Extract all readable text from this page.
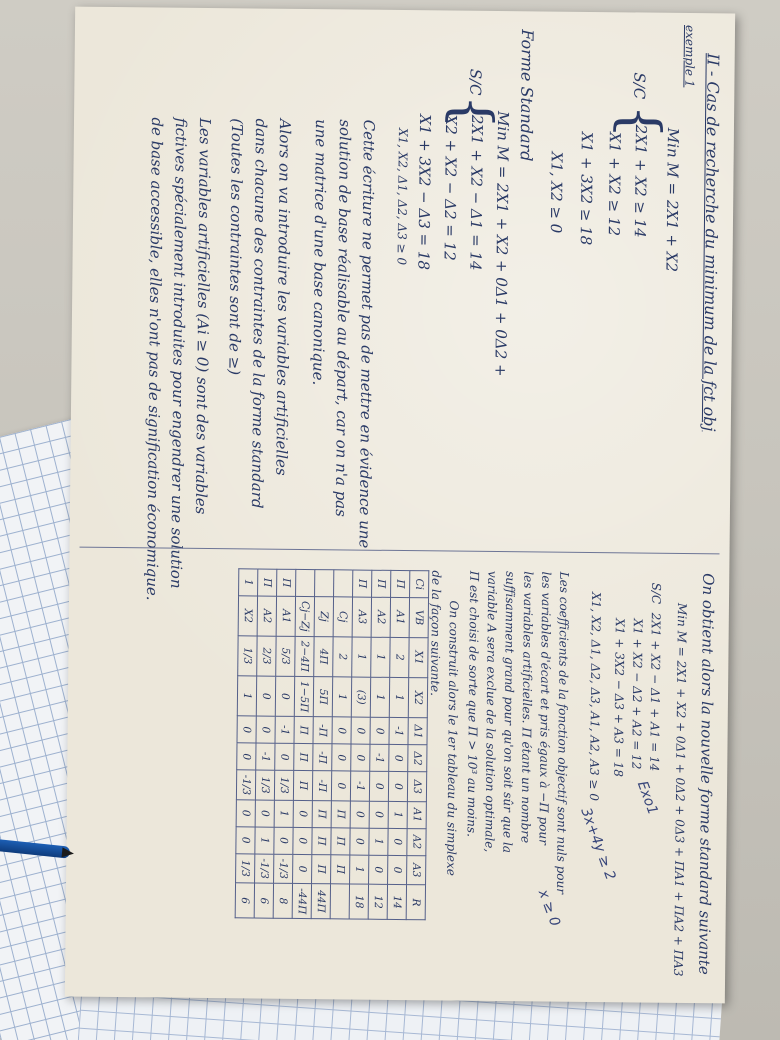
II - Cas de recherche du minimum de la fct obj
exemple 1
Min M = 2X1 + X2
S/C
{
2X1 + X2 ≥ 14
X1 + X2 ≥ 12
X1 + 3X2 ≥ 18
X1, X2 ≥ 0
Forme Standard
Min M = 2X1 + X2 + 0Δ1 + 0Δ2 +
S/C
{
2X1 + X2 − Δ1 = 14
X2 + X2 − Δ2 = 12
X1 + 3X2 − Δ3 = 18
X1, X2, Δ1, Δ2, Δ3 ≥ 0
Cette écriture ne permet pas de mettre en évidence une
solution de base réalisable au départ, car on n'a pas
une matrice d'une base canonique.
Alors on va introduire les variables artificielles
dans chacune des contraintes de la forme standard
(Toutes les contraintes sont de ≥)
Les variables artificielles (Ai ≥ 0) sont des variables
fictives spécialement introduites pour engendrer une solution
de base accessible, elles n'ont pas de signification économique.
On obtient alors la nouvelle forme standard suivante
Min M = 2X1 + X2 + 0Δ1 + 0Δ2 + 0Δ3 + ΠA1 + ΠA2 + ΠA3
S/C
2X1 + X2 − Δ1 + A1 = 14
X1 + X2 − Δ2 + A2 = 12
X1 + 3X2 − Δ3 + A3 = 18
X1, X2, Δ1, Δ2, Δ3, A1, A2, A3 ≥ 0
Les coefficients de la fonction objectif sont nuls pour
les variables d'écart et pris égaux à −Π pour
les variables artificielles. Π étant un nombre
suffisamment grand pour qu'on soit sûr que la
variable A sera exclue de la solution optimale,
Π est choisi de sorte que Π > 10³ au moins.
On construit alors le 1er tableau du simplexe
de la façon suivante.
Ci	VB	X1	X2	Δ1	Δ2	Δ3	A1	A2	A3	R
Π	A1	2	1	-1	0	0	1	0	0	14
Π	A2	1	1	0	-1	0	0	1	0	12
Π	A3	1	(3)	0	0	-1	0	0	1	18
	Cj	2	1	0	0	0	Π	Π	Π	
	Zj	4Π	5Π	-Π	-Π	-Π	Π	Π	Π	44Π
	Cj−Zj	2−4Π	1−5Π	Π	Π	Π	0	0	0	-44Π
Π	A1	5/3	0	-1	0	1/3	1	0	-1/3	8
Π	A2	2/3	0	0	-1	1/3	0	1	-1/3	6
1	X2	1/3	1	0	0	-1/3	0	0	1/3	6
Exo1
3x+4y ≥ 2
x ≥ 0
